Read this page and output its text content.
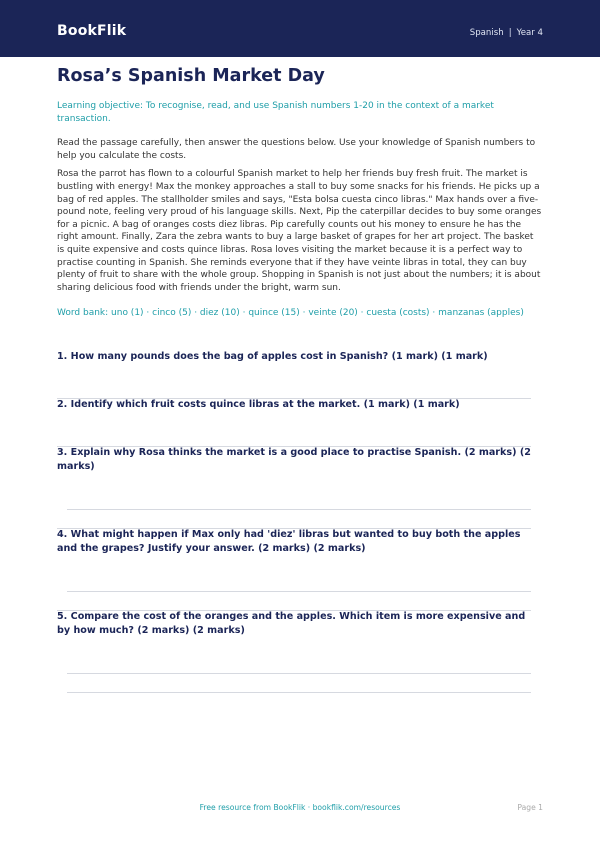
BookFlik	Spanish | Year 4
Rosa’s Spanish Market Day
Learning objective: To recognise, read, and use Spanish numbers 1-20 in the context of a market transaction.
Read the passage carefully, then answer the questions below. Use your knowledge of Spanish numbers to help you calculate the costs.
Rosa the parrot has flown to a colourful Spanish market to help her friends buy fresh fruit. The market is bustling with energy! Max the monkey approaches a stall to buy some snacks for his friends. He picks up a bag of red apples. The stallholder smiles and says, "Esta bolsa cuesta cinco libras." Max hands over a five-pound note, feeling very proud of his language skills. Next, Pip the caterpillar decides to buy some oranges for a picnic. A bag of oranges costs diez libras. Pip carefully counts out his money to ensure he has the right amount. Finally, Zara the zebra wants to buy a large basket of grapes for her art project. The basket is quite expensive and costs quince libras. Rosa loves visiting the market because it is a perfect way to practise counting in Spanish. She reminds everyone that if they have veinte libras in total, they can buy plenty of fruit to share with the whole group. Shopping in Spanish is not just about the numbers; it is about sharing delicious food with friends under the bright, warm sun.
Word bank: uno (1) · cinco (5) · diez (10) · quince (15) · veinte (20) · cuesta (costs) · manzanas (apples)
1. How many pounds does the bag of apples cost in Spanish? (1 mark) (1 mark)
2. Identify which fruit costs quince libras at the market. (1 mark) (1 mark)
3. Explain why Rosa thinks the market is a good place to practise Spanish. (2 marks) (2 marks)
4. What might happen if Max only had 'diez' libras but wanted to buy both the apples and the grapes? Justify your answer. (2 marks) (2 marks)
5. Compare the cost of the oranges and the apples. Which item is more expensive and by how much? (2 marks) (2 marks)
Free resource from BookFlik · bookflik.com/resources	Page 1
